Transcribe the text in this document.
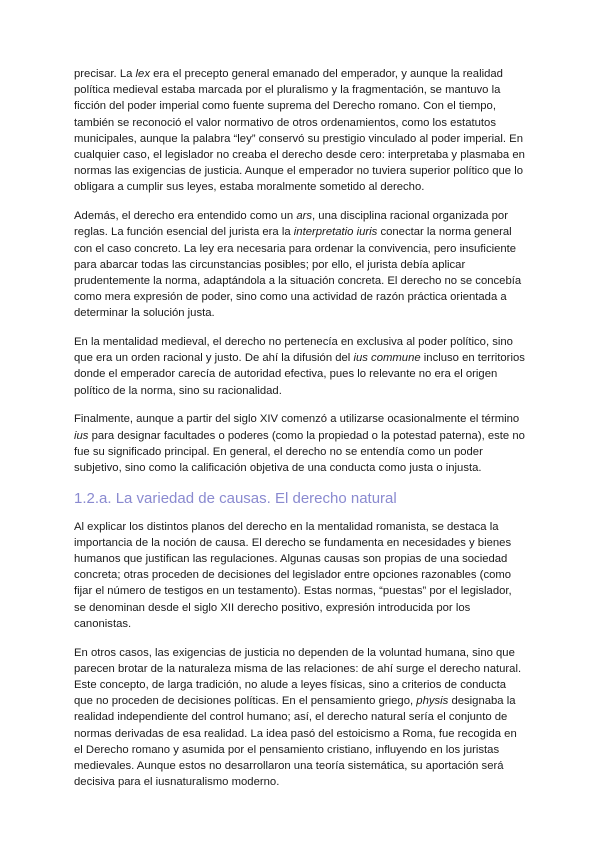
precisar. La lex era el precepto general emanado del emperador, y aunque la realidad política medieval estaba marcada por el pluralismo y la fragmentación, se mantuvo la ficción del poder imperial como fuente suprema del Derecho romano. Con el tiempo, también se reconoció el valor normativo de otros ordenamientos, como los estatutos municipales, aunque la palabra “ley” conservó su prestigio vinculado al poder imperial. En cualquier caso, el legislador no creaba el derecho desde cero: interpretaba y plasmaba en normas las exigencias de justicia. Aunque el emperador no tuviera superior político que lo obligara a cumplir sus leyes, estaba moralmente sometido al derecho.

Además, el derecho era entendido como un ars, una disciplina racional organizada por reglas. La función esencial del jurista era la interpretatio iuris conectar la norma general con el caso concreto. La ley era necesaria para ordenar la convivencia, pero insuficiente para abarcar todas las circunstancias posibles; por ello, el jurista debía aplicar prudentemente la norma, adaptándola a la situación concreta. El derecho no se concebía como mera expresión de poder, sino como una actividad de razón práctica orientada a determinar la solución justa.

En la mentalidad medieval, el derecho no pertenecía en exclusiva al poder político, sino que era un orden racional y justo. De ahí la difusión del ius commune incluso en territorios donde el emperador carecía de autoridad efectiva, pues lo relevante no era el origen político de la norma, sino su racionalidad.

Finalmente, aunque a partir del siglo XIV comenzó a utilizarse ocasionalmente el término ius para designar facultades o poderes (como la propiedad o la potestad paterna), este no fue su significado principal. En general, el derecho no se entendía como un poder subjetivo, sino como la calificación objetiva de una conducta como justa o injusta.

1.2.a. La variedad de causas. El derecho natural

Al explicar los distintos planos del derecho en la mentalidad romanista, se destaca la importancia de la noción de causa. El derecho se fundamenta en necesidades y bienes humanos que justifican las regulaciones. Algunas causas son propias de una sociedad concreta; otras proceden de decisiones del legislador entre opciones razonables (como fijar el número de testigos en un testamento). Estas normas, “puestas” por el legislador, se denominan desde el siglo XII derecho positivo, expresión introducida por los canonistas.

En otros casos, las exigencias de justicia no dependen de la voluntad humana, sino que parecen brotar de la naturaleza misma de las relaciones: de ahí surge el derecho natural. Este concepto, de larga tradición, no alude a leyes físicas, sino a criterios de conducta que no proceden de decisiones políticas. En el pensamiento griego, physis designaba la realidad independiente del control humano; así, el derecho natural sería el conjunto de normas derivadas de esa realidad. La idea pasó del estoicismo a Roma, fue recogida en el Derecho romano y asumida por el pensamiento cristiano, influyendo en los juristas medievales. Aunque estos no desarrollaron una teoría sistemática, su aportación será decisiva para el iusnaturalismo moderno.
